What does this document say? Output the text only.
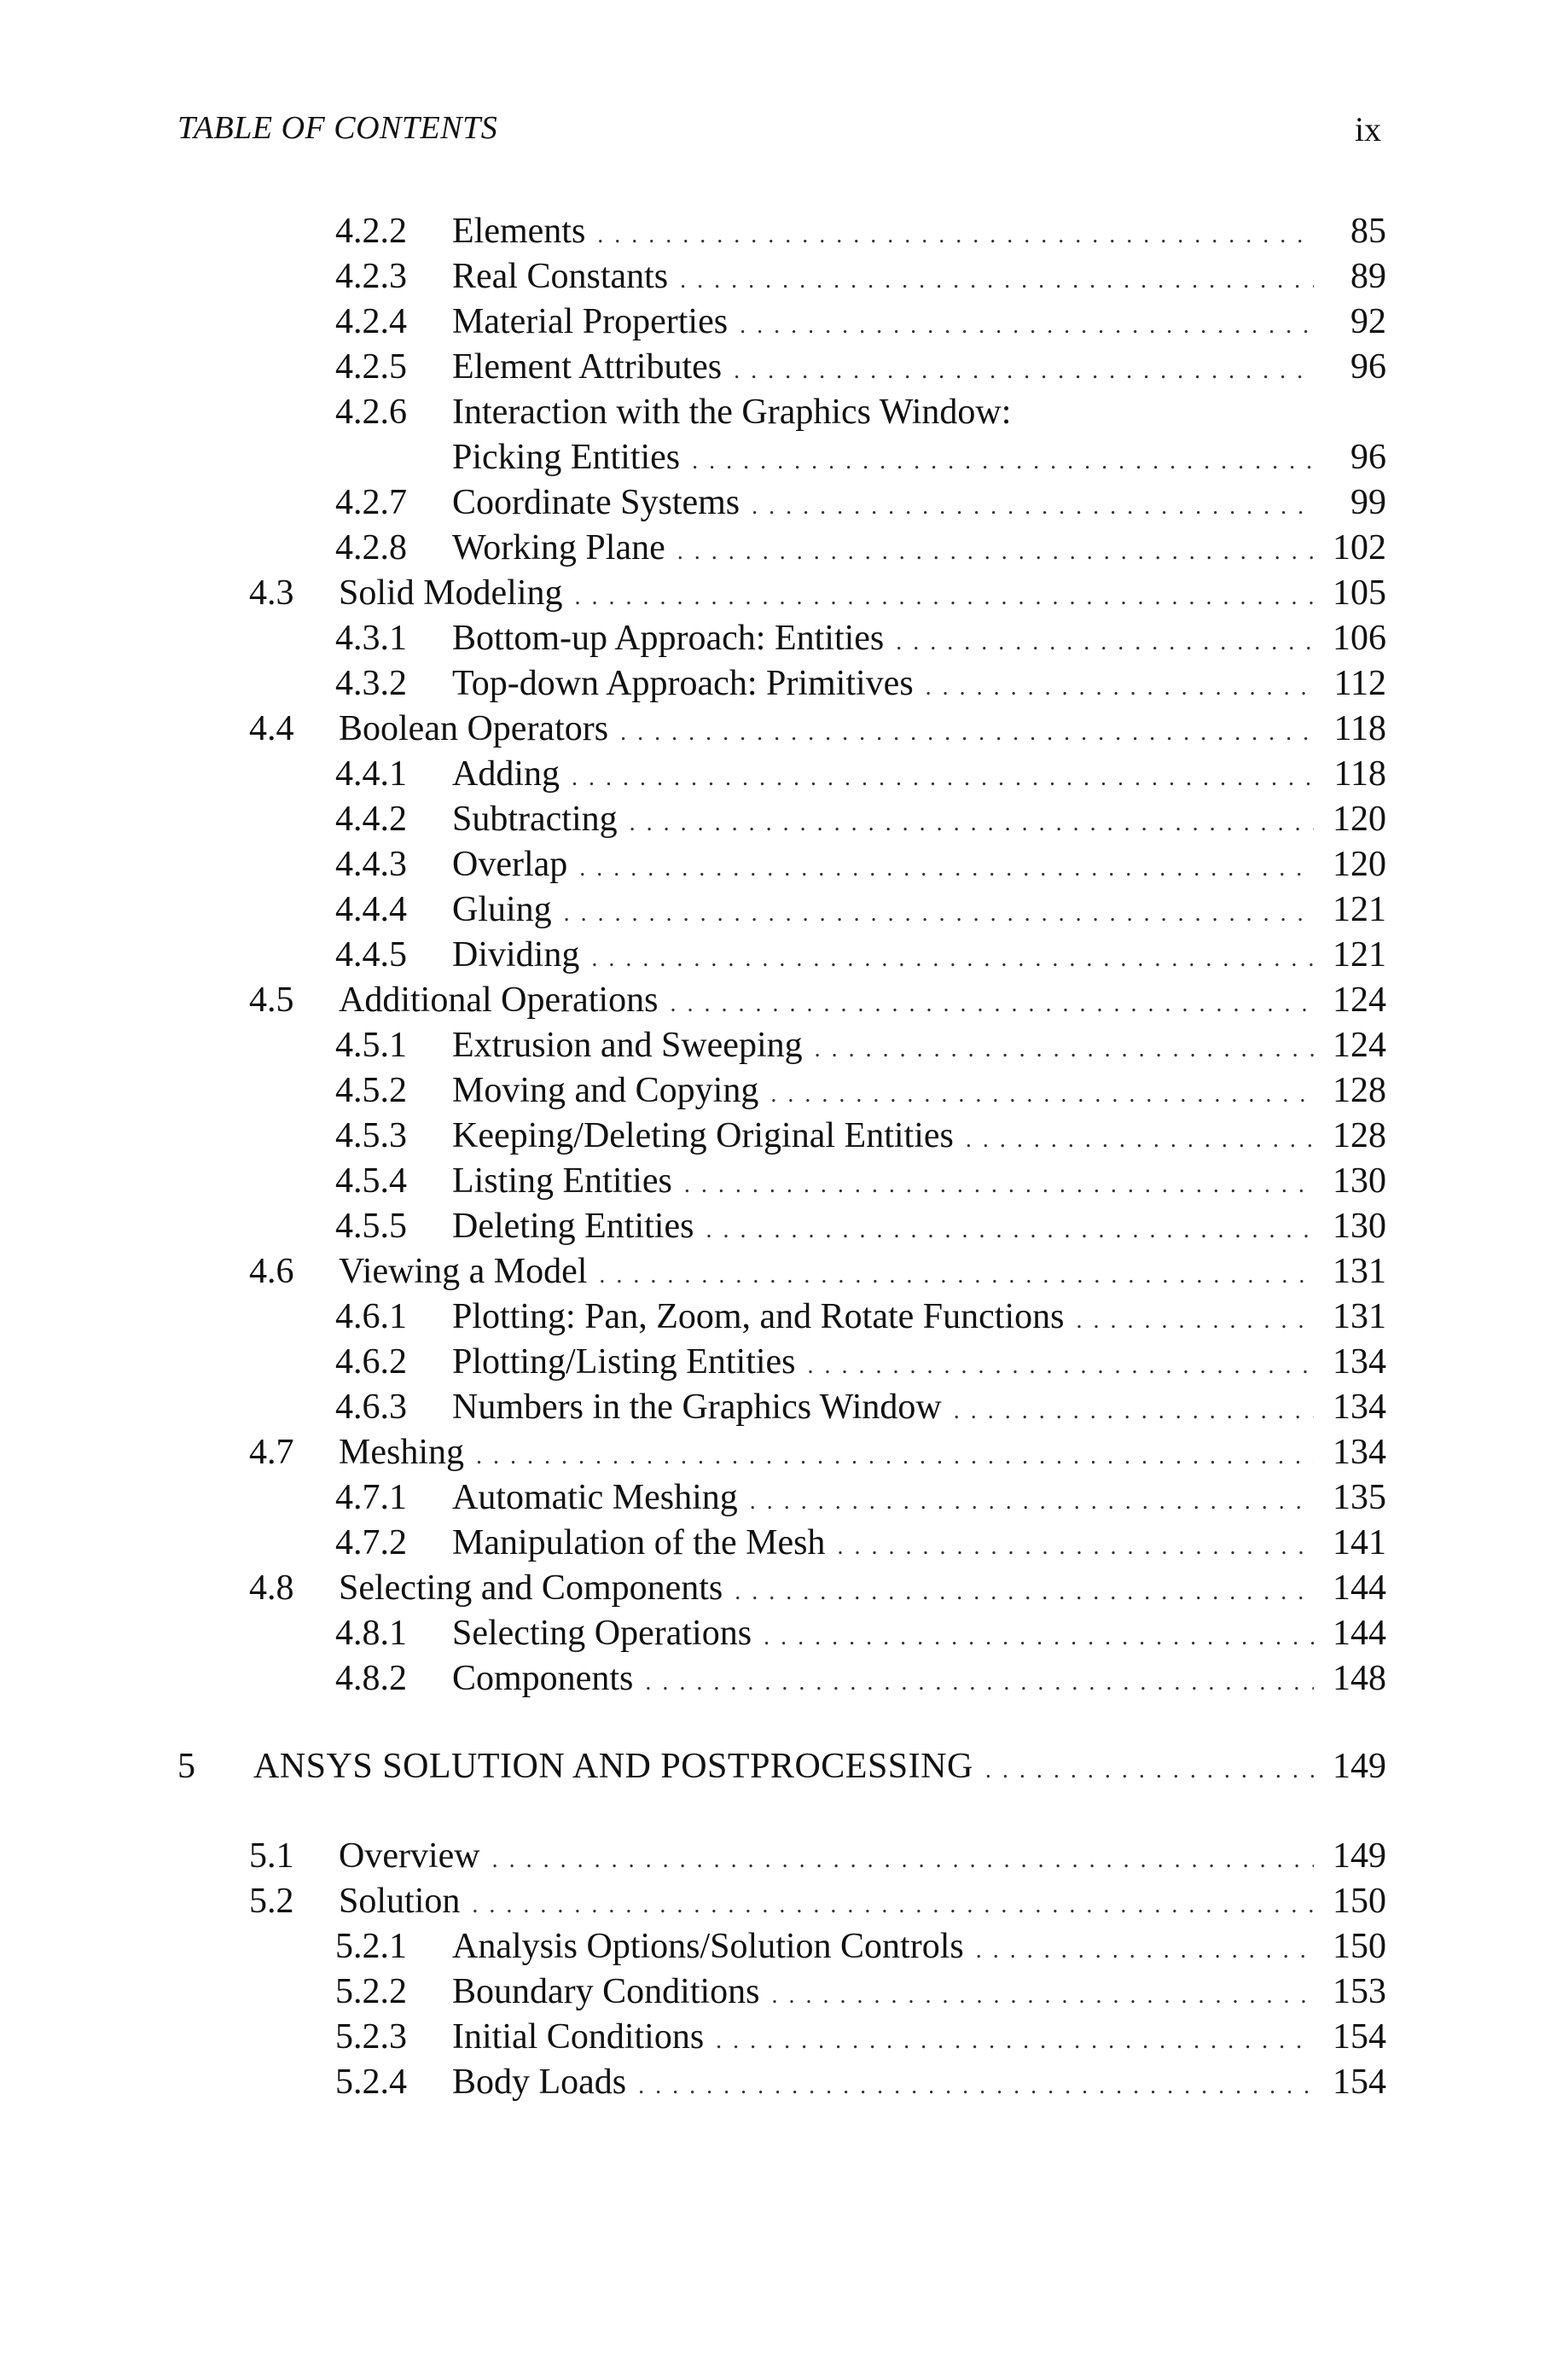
TABLE OF CONTENTS	ix
4.2.2 Elements . . .	85
4.2.3 Real Constants . . .	89
4.2.4 Material Properties . . .	92
4.2.5 Element Attributes . . .	96
4.2.6 Interaction with the Graphics Window:
Picking Entities . . .	96
4.2.7 Coordinate Systems . . .	99
4.2.8 Working Plane . . .	102
4.3 Solid Modeling . . .	105
4.3.1 Bottom-up Approach: Entities . . .	106
4.3.2 Top-down Approach: Primitives . . .	112
4.4 Boolean Operators . . .	118
4.4.1 Adding . . .	118
4.4.2 Subtracting . . .	120
4.4.3 Overlap . . .	120
4.4.4 Gluing . . .	121
4.4.5 Dividing . . .	121
4.5 Additional Operations . . .	124
4.5.1 Extrusion and Sweeping . . .	124
4.5.2 Moving and Copying . . .	128
4.5.3 Keeping/Deleting Original Entities . . .	128
4.5.4 Listing Entities . . .	130
4.5.5 Deleting Entities . . .	130
4.6 Viewing a Model . . .	131
4.6.1 Plotting: Pan, Zoom, and Rotate Functions . . .	131
4.6.2 Plotting/Listing Entities . . .	134
4.6.3 Numbers in the Graphics Window . . .	134
4.7 Meshing . . .	134
4.7.1 Automatic Meshing . . .	135
4.7.2 Manipulation of the Mesh . . .	141
4.8 Selecting and Components . . .	144
4.8.1 Selecting Operations . . .	144
4.8.2 Components . . .	148
5 ANSYS SOLUTION AND POSTPROCESSING . . .	149
5.1 Overview . . .	149
5.2 Solution . . .	150
5.2.1 Analysis Options/Solution Controls . . .	150
5.2.2 Boundary Conditions . . .	153
5.2.3 Initial Conditions . . .	154
5.2.4 Body Loads . . .	154
